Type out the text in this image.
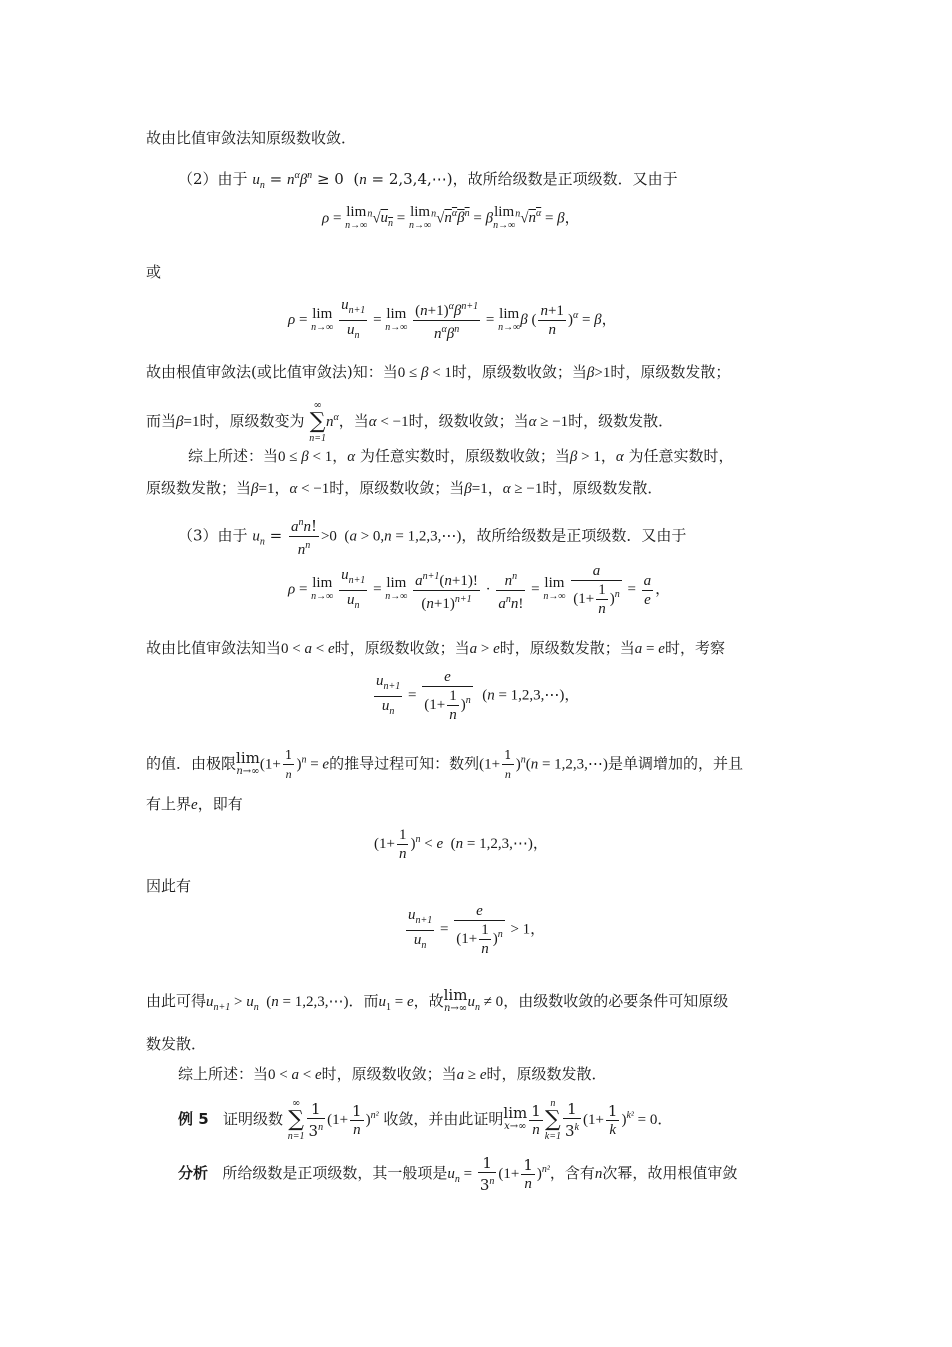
故由比值审敛法知原级数收敛．
（2）由于 $u_n = n^\alpha\beta^n \ge 0$  (n = 2,3,4,⋯)，故所给级数是正项级数．又由于
ρ = lim
n→∞
$^n√u_n = \lim$
n→∞
$^n√n^\alpha\beta^n = \beta$ lim
n→∞
$^n√n^\alpha = \beta$，
或
ρ = lim
n→∞
$\frac{u_{n+1}}{u_n} = \lim$
n→∞
$\frac{(n+1)^\alpha\beta^{n+1}}{n^\alpha\beta^n} = \lim$
n→∞ β ( $\frac{n+1}{n} )^\alpha = \beta$，
故由根值审敛法(或比值审敛法)知：当0 ≤ β < 1时，原级数收敛；当β>1时，原级数发散；
而当β=1时，原级数变为
∞
∑
n=1
$n^\alpha$，当α < −1时，级数收敛；当α ≥ −1时，级数发散．
综上所述：当0 ≤ β < 1，α 为任意实数时，原级数收敛；当β > 1，α 为任意实数时，
原级数发散；当β=1，α < −1时，原级数收敛；当β=1，α ≥ −1时，原级数发散．
（3）由于 $u_n = \frac{a^nn!}{n^n} >0$  (a > 0,n = 1,2,3,⋯)，故所给级数是正项级数．又由于
ρ = lim
n→∞
$\frac{u_{n+1}}{u_n} = \lim$
n→∞
$\frac{a^{n+1}(n+1)!}{(n+1)^{n+1}} \cdot \frac{n^n}{a^nn!} = \lim$
n→∞
$\frac{a}{(1+ \frac{1}{n} )^n} = \frac{a}{e}$ ，
故由比值审敛法知当0 < a < e时，原级数收敛；当a > e时，原级数发散；当a = e时，考察
$\frac{u_{n+1}}{u_n} = \frac{e}{(1+ \frac{1}{n} )^n} (n$ = 1,2,3,⋯)，
的值．由极限 lim
n→∞ $(1+ \frac{1}{n} )^n = e$的推导过程可知：数列$(1+ \frac{1}{n} )^n(n$ = 1,2,3,⋯)是单调增加的，并且
有上界e，即有
$(1+ \frac{1}{n} )^n < e$  (n = 1,2,3,⋯)，
因此有
$\frac{u_{n+1}}{u_n} = \frac{e}{(1+ \frac{1}{n} )^n} > 1$，
由此可得$u_{n+1} > u_n$  (n = 1,2,3,⋯)．而$u_1 = e$，故 lim
n→∞ $u_n \ne 0$，由级数收敛的必要条件可知原级
数发散．
综上所述：当0 < a < e时，原级数收敛；当a ≥ e时，原级数发散．
例 5 证明级数
∞
∑
$n=1 \frac{1}{3^n} (1+ \frac{1}{n} )^{n^2}$ 收敛，并由此证明 lim
$x\to\infty \frac{1}{n}$ n
∑
$k=1 \frac{1}{3^k} (1+ \frac{1}{k} )^{k^2} = 0$．
分析 所给级数是正项级数，其一般项是$u_n = \frac{1}{3^n} (1+ \frac{1}{n} )^{n^2}$，含有n次幂，故用根值审敛
